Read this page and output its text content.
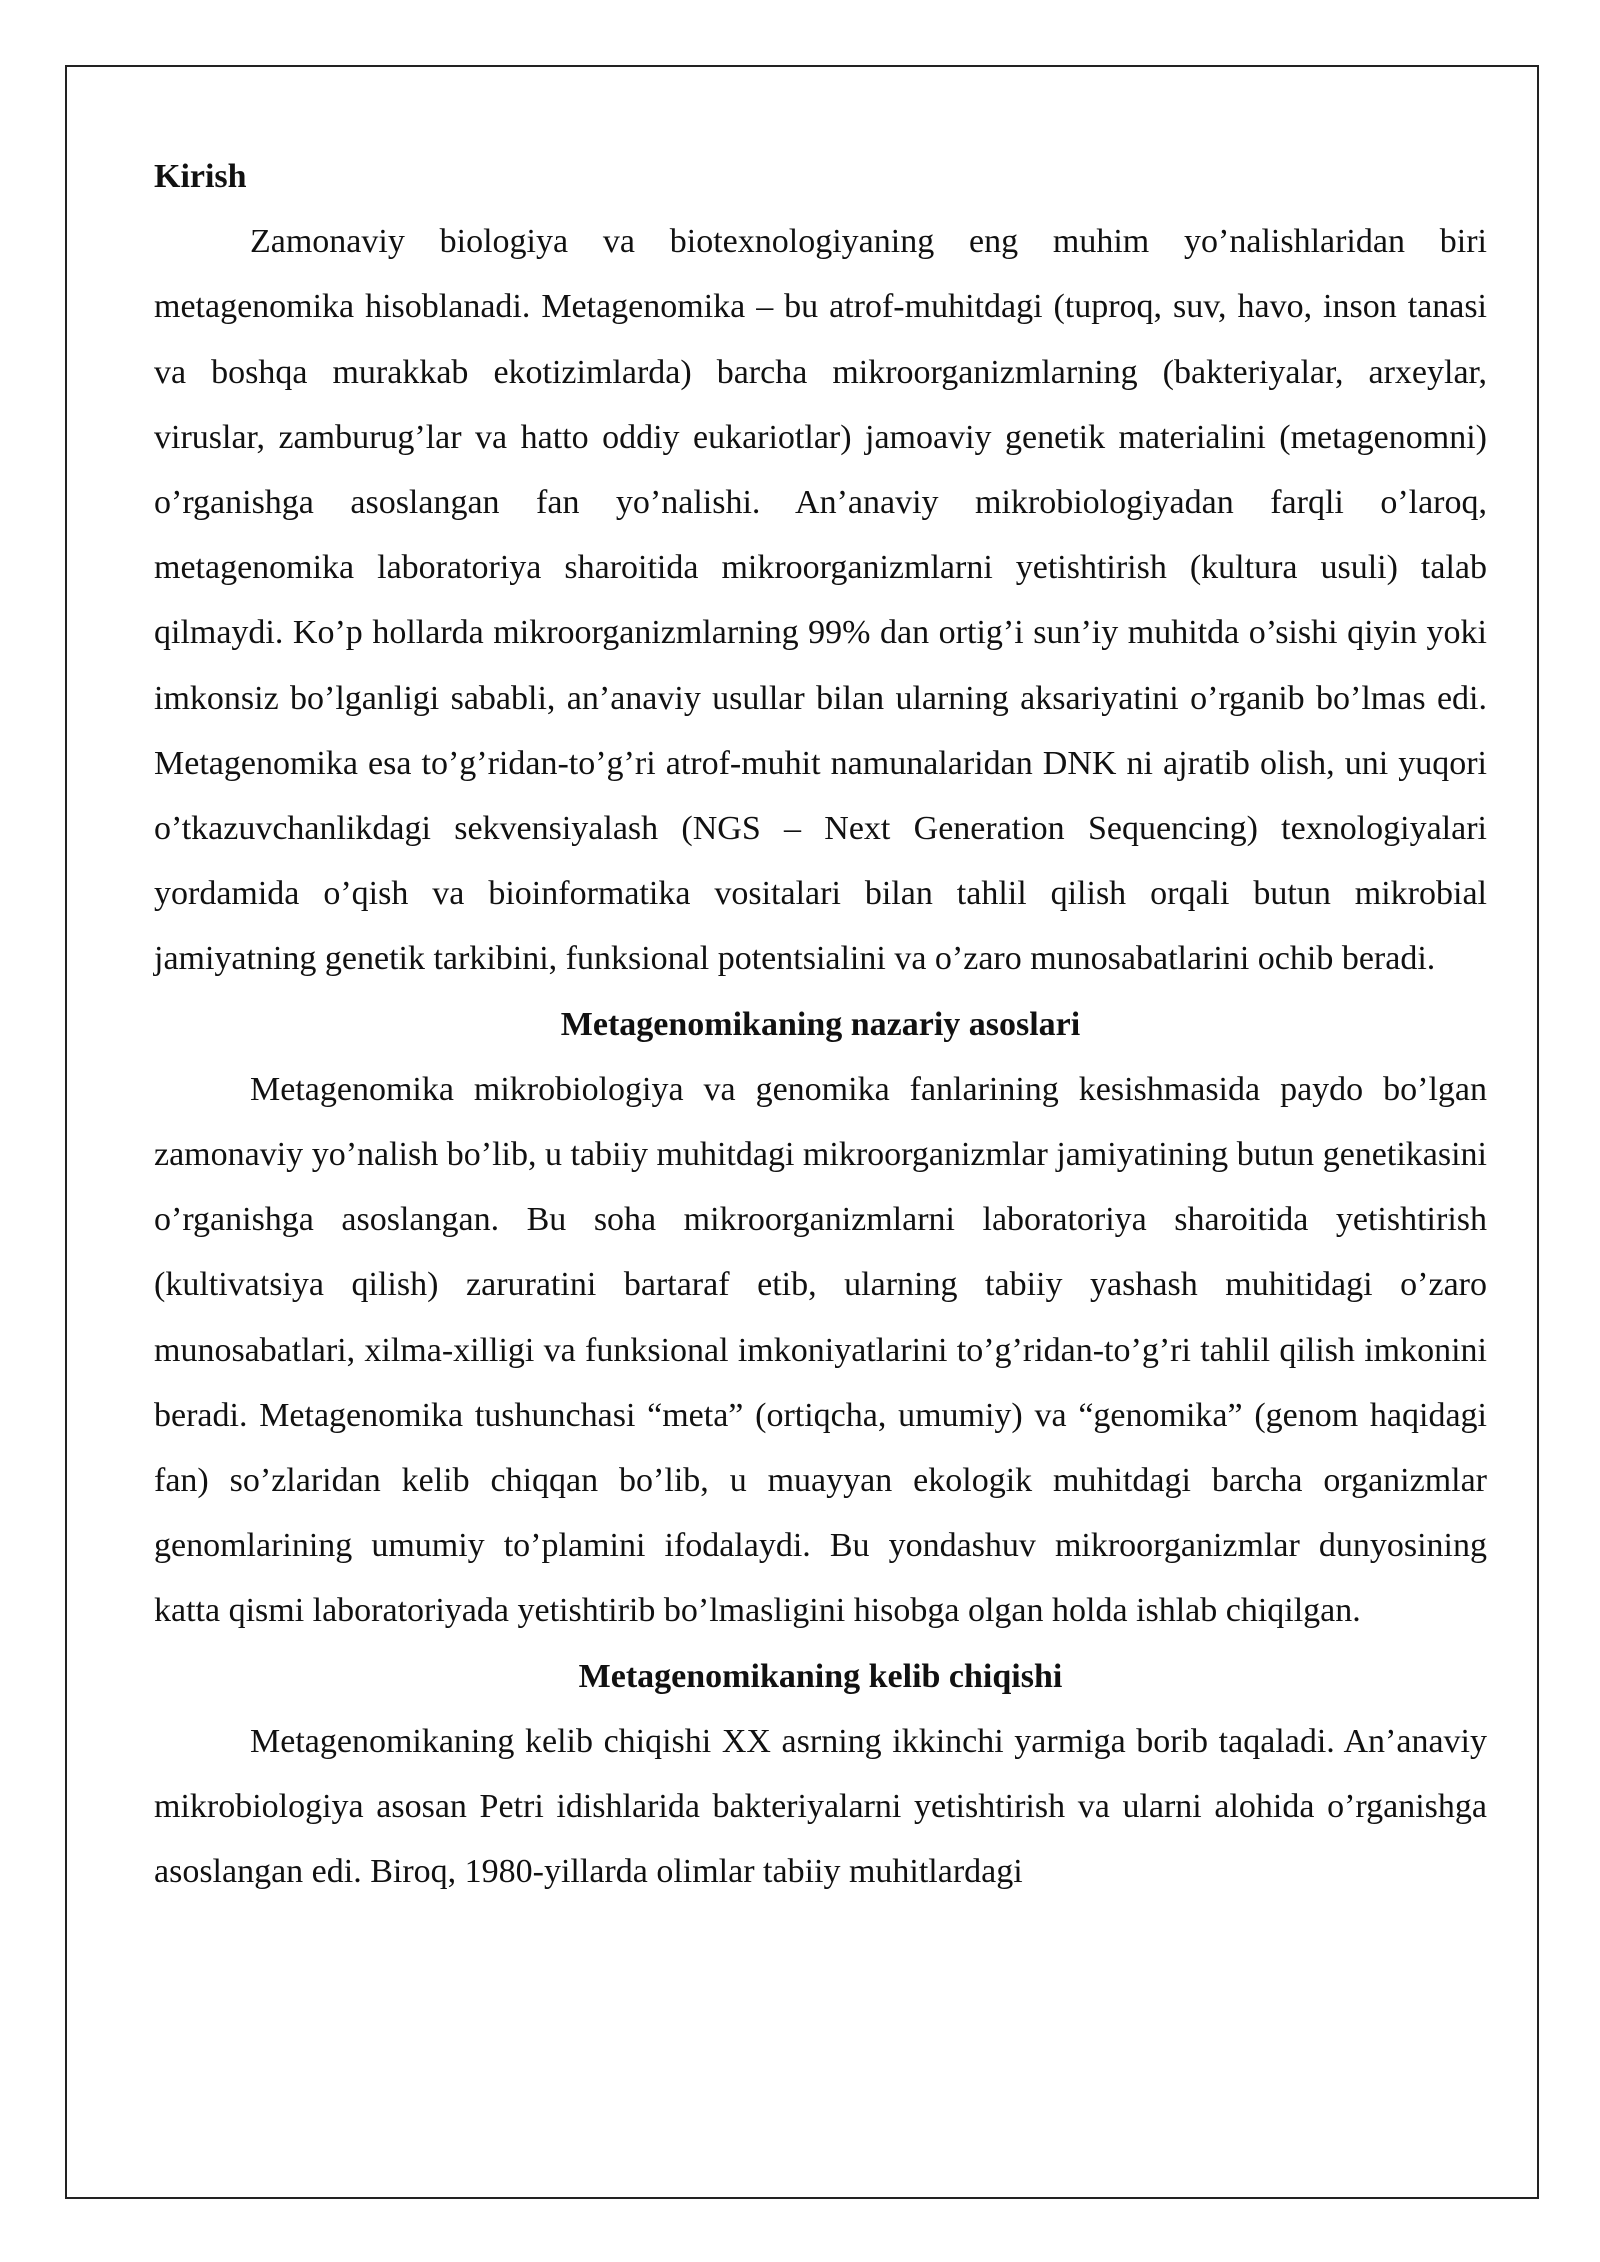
Kirish

Zamonaviy biologiya va biotexnologiyaning eng muhim yo’nalishlaridan biri metagenomika hisoblanadi. Metagenomika – bu atrof-muhitdagi (tuproq, suv, havo, inson tanasi va boshqa murakkab ekotizimlarda) barcha mikroorganizmlarning (bakteriyalar, arxeylar, viruslar, zamburug’lar va hatto oddiy eukariotlar) jamoaviy genetik materialini (metagenomni) o’rganishga asoslangan fan yo’nalishi. An’anaviy mikrobiologiyadan farqli o’laroq, metagenomika laboratoriya sharoitida mikroorganizmlarni yetishtirish (kultura usuli) talab qilmaydi. Ko’p hollarda mikroorganizmlarning 99% dan ortig’i sun’iy muhitda o’sishi qiyin yoki imkonsiz bo’lganligi sababli, an’anaviy usullar bilan ularning aksariyatini o’rganib bo’lmas edi. Metagenomika esa to’g’ridan-to’g’ri atrof-muhit namunalaridan DNK ni ajratib olish, uni yuqori o’tkazuvchanlikdagi sekvensiyalash (NGS – Next Generation Sequencing) texnologiyalari yordamida o’qish va bioinformatika vositalari bilan tahlil qilish orqali butun mikrobial jamiyatning genetik tarkibini, funksional potentsialini va o’zaro munosabatlarini ochib beradi.

Metagenomikaning nazariy asoslari

Metagenomika mikrobiologiya va genomika fanlarining kesishmasida paydo bo’lgan zamonaviy yo’nalish bo’lib, u tabiiy muhitdagi mikroorganizmlar jamiyatining butun genetikasini o’rganishga asoslangan. Bu soha mikroorganizmlarni laboratoriya sharoitida yetishtirish (kultivatsiya qilish) zaruratini bartaraf etib, ularning tabiiy yashash muhitidagi o’zaro munosabatlari, xilma-xilligi va funksional imkoniyatlarini to’g’ridan-to’g’ri tahlil qilish imkonini beradi. Metagenomika tushunchasi “meta” (ortiqcha, umumiy) va “genomika” (genom haqidagi fan) so’zlaridan kelib chiqqan bo’lib, u muayyan ekologik muhitdagi barcha organizmlar genomlarining umumiy to’plamini ifodalaydi. Bu yondashuv mikroorganizmlar dunyosining katta qismi laboratoriyada yetishtirib bo’lmasligini hisobga olgan holda ishlab chiqilgan.

Metagenomikaning kelib chiqishi

Metagenomikaning kelib chiqishi XX asrning ikkinchi yarmiga borib taqaladi. An’anaviy mikrobiologiya asosan Petri idishlarida bakteriyalarni yetishtirish va ularni alohida o’rganishga asoslangan edi. Biroq, 1980-yillarda olimlar tabiiy muhitlardagi
